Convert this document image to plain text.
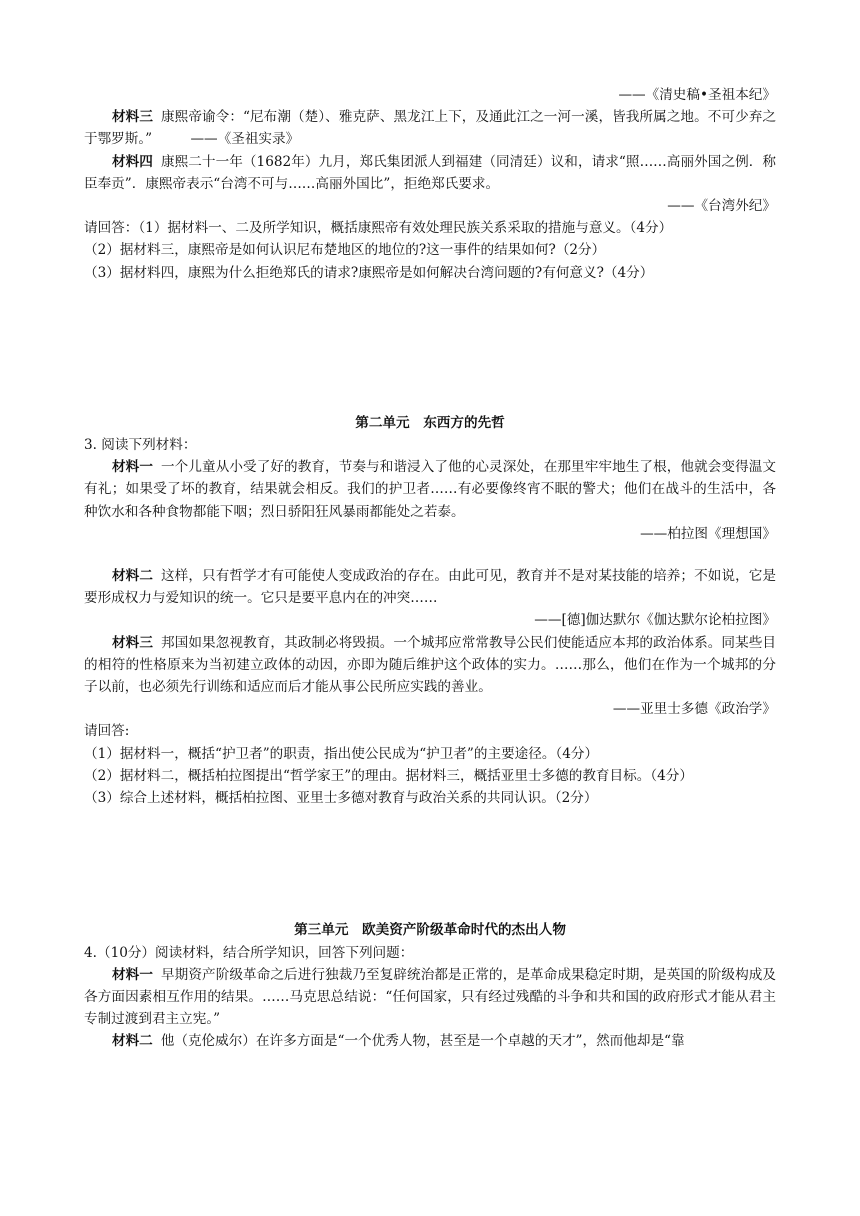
——《清史稿•圣祖本纪》

材料三 康熙帝谕令：“尼布潮（楚）、雅克萨、黑龙江上下，及通此江之一河一溪，皆我所属之地。不可少弃之于鄂罗斯。”	——《圣祖实录》

材料四 康熙二十一年（1682年）九月，郑氏集团派人到福建（同清廷）议和，请求“照……高丽外国之例．称臣奉贡”．康熙帝表示“台湾不可与……高丽外国比”，拒绝郑氏要求。

——《台湾外纪》

请回答：（1）据材料一、二及所学知识，概括康熙帝有效处理民族关系采取的措施与意义。（4分）

（2）据材料三，康熙帝是如何认识尼布楚地区的地位的?这一事件的结果如何?（2分）

（3）据材料四，康熙为什么拒绝郑氏的请求?康熙帝是如何解决台湾问题的?有何意义?（4分）

第二单元　东西方的先哲

3. 阅读下列材料：

材料一 一个儿童从小受了好的教育，节奏与和谐浸入了他的心灵深处，在那里牢牢地生了根，他就会变得温文有礼；如果受了坏的教育，结果就会相反。我们的护卫者……有必要像终宵不眠的警犬；他们在战斗的生活中，各种饮水和各种食物都能下咽；烈日骄阳狂风暴雨都能处之若泰。

——柏拉图《理想国》

材料二 这样，只有哲学才有可能使人变成政治的存在。由此可见，教育并不是对某技能的培养；不如说，它是要形成权力与爱知识的统一。它只是要平息内在的冲突……

——[德]伽达默尔《伽达默尔论柏拉图》

材料三 邦国如果忽视教育，其政制必将毁损。一个城邦应常常教导公民们使能适应本邦的政治体系。同某些目的相符的性格原来为当初建立政体的动因，亦即为随后维护这个政体的实力。……那么，他们在作为一个城邦的分子以前，也必须先行训练和适应而后才能从事公民所应实践的善业。

——亚里士多德《政治学》

请回答:

（1）据材料一，概括“护卫者”的职责，指出使公民成为“护卫者”的主要途径。（4分）

（2）据材料二，概括柏拉图提出“哲学家王”的理由。据材料三，概括亚里士多德的教育目标。（4分）

（3）综合上述材料，概括柏拉图、亚里士多德对教育与政治关系的共同认识。（2分）

第三单元　欧美资产阶级革命时代的杰出人物

4.（10分）阅读材料，结合所学知识，回答下列问题：

材料一 早期资产阶级革命之后进行独裁乃至复辟统治都是正常的，是革命成果稳定时期，是英国的阶级构成及各方面因素相互作用的结果。……马克思总结说：“任何国家，只有经过残酷的斗争和共和国的政府形式才能从君主专制过渡到君主立宪。”

材料二 他（克伦威尔）在许多方面是“一个优秀人物，甚至是一个卓越的天才”，然而他却是“靠
